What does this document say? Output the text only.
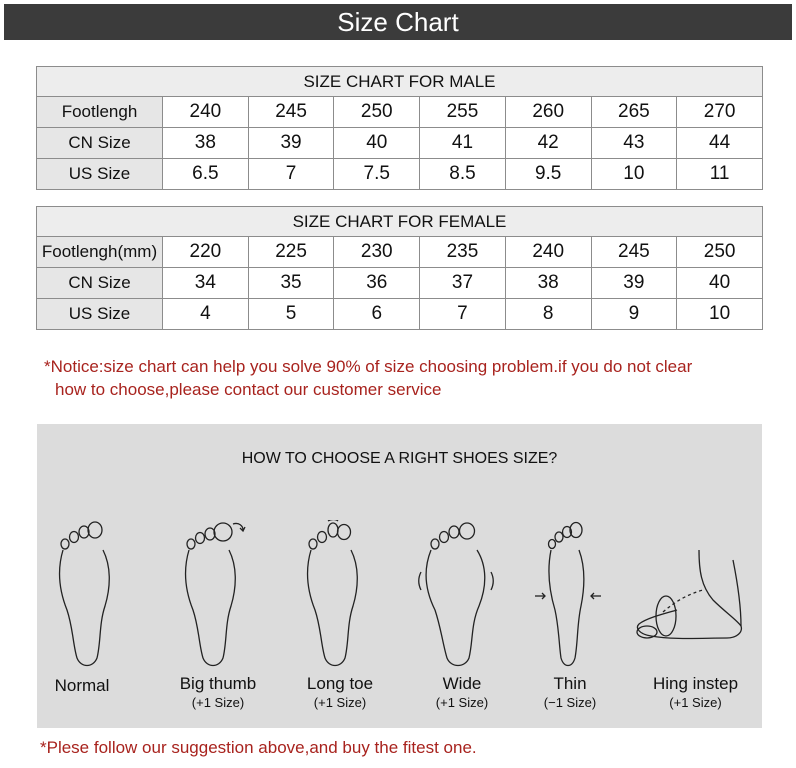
Size Chart
SIZE CHART FOR MALE							
Footlengh	240	245	250	255	260	265	270
CN Size	38	39	40	41	42	43	44
US Size	6.5	7	7.5	8.5	9.5	10	11
SIZE CHART FOR FEMALE							
Footlengh(mm)	220	225	230	235	240	245	250
CN Size	34	35	36	37	38	39	40
US Size	4	5	6	7	8	9	10
*Notice:size chart can help you solve 90% of size choosing problem.if you do not clear
how to choose,please contact our customer service
HOW TO CHOOSE A RIGHT SHOES SIZE?
Normal	Big thumb
(+1 Size)
Long toe
(+1 Size)
Wide
(+1 Size)
Thin
(−1 Size)
Hing instep
(+1 Size)
*Plese follow our suggestion above,and buy the fitest one.
